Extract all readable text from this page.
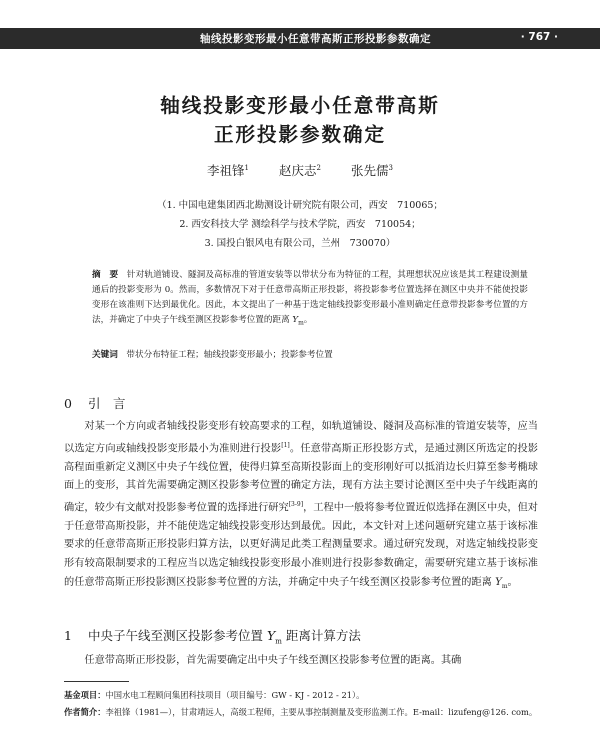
轴线投影变形最小任意带高斯正形投影参数确定	· 767 ·
轴线投影变形最小任意带高斯
正形投影参数确定
李祖锋$^1$ 赵庆志$^2$ 张先儒$^3$
（1. 中国电建集团西北勘测设计研究院有限公司，西安　710065；
2. 西安科技大学 测绘科学与技术学院，西安　710054；
3. 国投白银风电有限公司，兰州　730070）
摘　要　 针对轨道铺设、隧洞及高标准的管道安装等以带状分布为特征的工程，其理想状况应该是其工程建设测量通后的投影变形为 0。然而，多数情况下对于任意带高斯正形投影，将投影参考位置选择在测区中央并不能使投影变形在该准则下达到最优化。因此，本文提出了一种基于选定轴线投影变形最小准则确定任意带投影参考位置的方法，并确定了中央子午线至测区投影参考位置的距离 $Y_m$。
关键词　 带状分布特征工程；轴线投影变形最小；投影参考位置
0 引　言

对某一个方向或者轴线投影变形有较高要求的工程，如轨道铺设、隧洞及高标准的管道安装等，应当以选定方向或轴线投影变形最小为准则进行投影[1]。任意带高斯正形投影方式，是通过测区所选定的投影高程面重新定义测区中央子午线位置，使得归算至高斯投影面上的变形刚好可以抵消边长归算至参考椭球面上的变形，其首先需要确定测区投影参考位置的确定方法，现有方法主要讨论测区至中央子午线距离的确定，较少有文献对投影参考位置的选择进行研究[3-9]，工程中一般将参考位置近似选择在测区中央，但对于任意带高斯投影，并不能使选定轴线投影变形达到最优。因此，本文针对上述问题研究建立基于该标准要求的任意带高斯正形投影归算方法，以更好满足此类工程测量要求。通过研究发现，对选定轴线投影变形有较高限制要求的工程应当以选定轴线投影变形最小准则进行投影参数确定，需要研究建立基于该标准的任意带高斯正形投影测区投影参考位置的方法，并确定中央子午线至测区投影参考位置的距离 $Y_m$。

1 中央子午线至测区投影参考位置 $Y_m$ 距离计算方法

任意带高斯正形投影，首先需要确定出中央子午线至测区投影参考位置的距离。其确

基金项目：中国水电工程顾问集团科技项目（项目编号：GW - KJ - 2012 - 21）。
作者简介：李祖锋（1981—），甘肃靖远人，高级工程师，主要从事控制测量及变形监测工作。E-mail：lizufeng@126. com。
